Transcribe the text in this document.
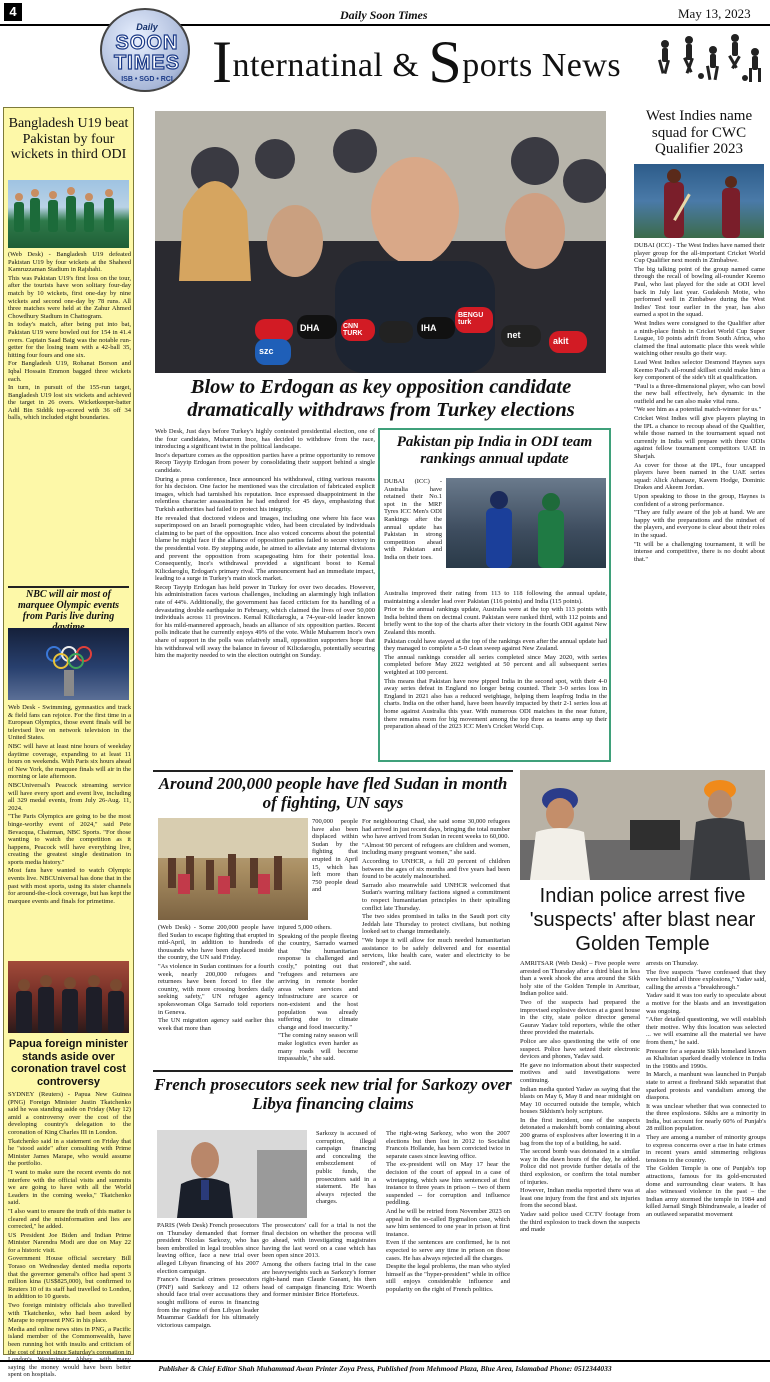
4	Daily Soon Times	May 13, 2023
Daily
SOON
TIMES
ISB • SGD • RCI Internatinal & Sports News
Bangladesh U19 beat Pakistan by four wickets in third ODI

(Web Desk) - Bangladesh U19 defeated Pakistan U19 by four wickets at the Shaheed Kamruzzaman Stadium in Rajshahi.

This was Pakistan U19's first loss on the tour, after the tourists have won solitary four-day match by 10 wickets, first one-day by nine wickets and second one-day by 78 runs. All three matches were held at the Zahur Ahmed Chowdhury Stadium in Chattogram.

In today's match, after being put into bat, Pakistan U19 were bowled out for 154 in 41.4 overs. Captain Saad Baig was the notable run-getter for the losing team with a 42-ball 35, hitting four fours and one six.

For Bangladesh U19, Rohanat Borson and Iqbal Hossain Emmon bagged three wickets each.

In turn, in pursuit of the 155-run target, Bangladesh U19 lost six wickets and achieved the target in 26 overs. Wicketkeeper-batter Adil Bin Siddik top-scored with 36 off 34 balls, which included eight boundaries.

NBC will air most of marquee Olympic events from Paris live during

Web Desk - Swimming, gymnastics and track & field fans can rejoice. For the first time in a European Olympics, those event finals will be televised live on network television in the United States.

NBC will have at least nine hours of weekday daytime coverage, expanding to at least 11 hours on weekends. With Paris six hours ahead of New York, the marquee finals will air in the morning or late afternoon.

NBCUniversal's Peacock streaming service will have every sport and event live, including all 329 medal events, from July 26-Aug. 11, 2024.

"The Paris Olympics are going to be the most binge-worthy event of 2024," said Pete Bevacqua, Chairman, NBC Sports. "For those wanting to watch the competition as it happens, Peacock will have everything live, creating the greatest single destination in sports media history."

Most fans have wanted to watch Olympic events live. NBCUniversal has done that in the past with most sports, using its sister channels for around-the-clock coverage, but has kept the marquee events and finals for primetime.

Papua foreign minister stands aside over coronation travel cost controversy

SYDNEY (Reuters) - Papua New Guinea (PNG) Foreign Minister Justin Tkatchenko said he was standing aside on Friday (May 12) amid a controversy over the cost of the developing country's delegation to the coronation of King Charles III in London.

Tkatchenko said in a statement on Friday that he "stood aside" after consulting with Prime Minister James Marape, who would assume the portfolio.

"I want to make sure the recent events do not interfere with the official visits and summits we are going to have with all the World Leaders in the coming weeks," Tkatchenko said.

"I also want to ensure the truth of this matter is cleared and the misinformation and lies are corrected," he added.

US President Joe Biden and Indian Prime Minister Narendra Modi are due on May 22 for a historic visit.

Government House official secretary Bill Toraso on Wednesday denied media reports that the governor general's office had spent 3 million kina (US$825,000), but confirmed to Reuters 10 of its staff had travelled to London, in addition to 10 guests.

Two foreign ministry officials also travelled with Tkatchenko, who had been asked by Marape to represent PNG in his place.

Media and online news sites in PNG, a Pacific island member of the Commonwealth, have been running hot with insults and criticism of the cost of travel since Saturday's coronation in saying the money would have been better spent on hospitals.

szc
DHA	CNN TURK
IHA
BENGU turk
net
akit
Blow to Erdogan as key opposition candidate dramatically withdraws from Turkey elections

Web Desk, Just days before Turkey's highly contested presidential election, one of the four candidates, Muharrem Ince, has decided to withdraw from the race, introducing a significant twist in the political landscape.

Ince's departure comes as the opposition parties have a prime opportunity to remove Recep Tayyip Erdogan from power by consolidating their support behind a single candidate.

During a press conference, Ince announced his withdrawal, citing various reasons for his decision. One factor he mentioned was the circulation of fabricated explicit images, which had tarnished his reputation. Ince expressed disappointment in the relentless character assassination he had endured for 45 days, emphasizing that Turkish authorities had failed to protect his integrity.

He revealed that doctored videos and images, including one where his face was superimposed on an Israeli pornographic video, had been circulated by individuals claiming to be part of the opposition. Ince also voiced concerns about the potential blame he might face if the alliance of opposition parties failed to secure victory in the presidential vote. By stepping aside, he aimed to alleviate any internal divisions and prevent the opposition from scapegoating him for their potential loss. Consequently, Ince's withdrawal provided a significant boost to Kemal Kilicdaroglu, Erdogan's primary rival. The announcement had an immediate impact, leading to a surge in Turkey's main stock market.

Recep Tayyip Erdogan has held power in Turkey for over two decades. However, his administration faces various challenges, including an alarmingly high inflation rate of 44%. Additionally, the government has faced criticism for its handling of a devastating double earthquake in February, which claimed the lives of over 50,000 individuals across 11 provinces. Kemal Kilicdaroglu, a 74-year-old leader known for his mild-mannered approach, heads an alliance of six opposition parties. Recent polls indicate that he currently enjoys 49% of the vote. While Muharrem Ince's own share of support in the polls was relatively small, opposition supporters hope that his withdrawal will sway the balance in favour of Kilicdaroglu, potentially securing him the majority needed to win the election outright on Sunday.

Pakistan pip India in ODI team rankings annual update
DUBAI (ICC) - Australia have retained their No.1 spot in the MRF Tyres ICC Men's ODI Rankings after the annual update has Pakistan in strong competition ahead with Pakistan and India on their toes.

Australia improved their rating from 113 to 118 following the annual update, maintaining a slender lead over Pakistan (116 points) and India (115 points).

Prior to the annual rankings update, Australia were at the top with 113 points with India behind them on decimal count. Pakistan were ranked third, with 112 points and briefly went to the top of the charts after their victory in the fourth ODI against New Zealand this month.

Pakistan could have stayed at the top of the rankings even after the annual update had they managed to complete a 5-0 clean sweep against New Zealand.

The annual rankings consider all series completed since May 2020, with series completed before May 2022 weighted at 50 percent and all subsequent series weighted at 100 percent.

This means that Pakistan have now pipped India in the second spot, with their 4-0 away series defeat in England no longer being counted. Their 3-0 series loss in England in 2021 also has a reduced weightage, helping them leapfrog India in the charts. India on the other hand, have been heavily impacted by their 2-1 series loss at home against Australia this year. With numerous ODI matches in the near future, there remains room for big movement among the top three as teams amp up their preparation ahead of the 2023 ICC Men's Cricket World Cup.

Around 200,000 people have fled Sudan in month of fighting, UN says
700,000 people have also been displaced within Sudan by the fighting that erupted in April 15, which has left more than 750 people dead and

(Web Desk) - Some 200,000 people have fled Sudan to escape fighting that erupted in mid-April, in addition to hundreds of thousands who have been displaced inside the country, the UN said Friday.

"As violence in Sudan continues for a fourth week, nearly 200,000 refugees and returnees have been forced to flee the country, with more crossing borders daily seeking safety," UN refugee agency spokeswoman Olga Sarrado told reporters in Geneva.

The UN migration agency said earlier this week that more than

injured 5,000 others.

Speaking of the people fleeing the country, Sarrado warned that "the humanitarian response is challenged and costly," pointing out that "refugees and returnees are arriving in remote border areas where services and infrastructure are scarce or non-existent and the host population was already suffering due to climate change and food insecurity."

"The coming rainy season will make logistics even harder as many roads will become impassable," she said.

For neighbouring Chad, she said some 30,000 refugees had arrived in just recent days, bringing the total number who have arrived from Sudan in recent weeks to 60,000.

"Almost 90 percent of refugees are children and women, including many pregnant women," she said.

According to UNHCR, a full 20 percent of children between the ages of six months and five years had been found to be acutely malnourished.

Sarrado also meanwhile said UNHCR welcomed that Sudan's warring military factions signed a commitment to respect humanitarian principles in their spiralling conflict late Thursday.

The two sides promised in talks in the Saudi port city Jeddah late Thursday to protect civilians, but nothing looked set to change immediately.

"We hope it will allow for much needed humanitarian assistance to be safely delivered and for essential services, like health care, water and electricity to be restored", she said.

French prosecutors seek new trial for Sarkozy over Libya financing claims
Sarkozy is accused of corruption, illegal campaign financing and concealing the embezzlement of public funds, the prosecutors said in a statement. He has always rejected the charges.

PARIS (Web Desk) French prosecutors on Thursday demanded that former president Nicolas Sarkozy, who has been embroiled in legal troubles since leaving office, face a new trial over alleged Libyan financing of his 2007 election campaign.

France's financial crimes prosecutors (PNF) said Sarkozy and 12 others should face trial over accusations they sought millions of euros in financing from the regime of then Libyan leader Muammar Gaddafi for his ultimately victorious campaign.

The prosecutors' call for a trial is not the final decision on whether the process will go ahead, with investigating magistrates having the last word on a case which has been open since 2013.

Among the others facing trial in the case are heavyweights such as Sarkozy's former right-hand man Claude Gueant, his then head of campaign financing Eric Woerth and former minister Brice Hortefeux.

The right-wing Sarkozy, who won the 2007 elections but then lost in 2012 to Socialist Francois Hollande, has been convicted twice in separate cases since leaving office.

The ex-president will on May 17 hear the decision of the court of appeal in a case of wiretapping, which saw him sentenced at first instance to three years in prison -- two of them suspended -- for corruption and influence peddling.

And he will be retried from November 2023 on appeal in the so-called Bygmalion case, which saw him sentenced to one year in prison at first instance.

Even if the sentences are confirmed, he is not expected to serve any time in prison on those cases. He has always rejected all the charges.

Despite the legal problems, the man who styled himself as the "hyper-president" while in office still enjoys considerable influence and popularity on the right of French politics.

West Indies name squad for CWC Qualifier 2023

DUBAI (ICC) - The West Indies have named their player group for the all-important Cricket World Cup Qualifier next month in Zimbabwe.

The big talking point of the group named came through the recall of bowling all-rounder Keemo Paul, who last played for the side at ODI level back in July last year. Gudakesh Motie, who performed well in Zimbabwe during the West Indies' Test tour earlier in the year, has also earned a spot in the squad.

West Indies were consigned to the Qualifier after a ninth-place finish in Cricket World Cup Super League, 10 points adrift from South Africa, who claimed the final automatic place this week while watching other results go their way.

Lead West Indies selector Desmond Haynes says Keemo Paul's all-round skillset could make him a key component of the side's tilt at qualification.

"Paul is a three-dimensional player, who can bowl the new ball effectively, he's dynamic in the outfield and he can also make vital runs.

"We see him as a potential match-winner for us."

Cricket West Indies will give players playing in the IPL a chance to recoup ahead of the Qualifier, while those named in the tournament squad not currently in India will prepare with three ODIs against fellow tournament competitors UAE in Sharjah.

As cover for those at the IPL, four uncapped players have been named in the UAE series squad: Alick Athanaze, Kavem Hodge, Dominic Drakes and Akeem Jordan.

Upon speaking to those in the group, Haynes is confident of a strong performance.

"They are fully aware of the job at hand. We are happy with the preparations and the mindset of the players, and everyone is clear about their roles in the squad.

"It will be a challenging tournament, it will be intense and competitive, there is no doubt about that."

Indian police arrest five 'suspects' after blast near Golden Temple

AMRITSAR (Web Desk) – Five people were arrested on Thursday after a third blast in less than a week shook the area around the Sikh holy site of the Golden Temple in Amritsar, Indian police said.

Two of the suspects had prepared the improvised explosive devices at a guest house in the city, state police director general Gaurav Yadav told reporters, while the other three provided the materials.

Police are also questioning the wife of one suspect. Police have seized their electronic devices and phones, Yadav said.

He gave no information about their suspected motives and said investigations were continuing.

Indian media quoted Yadav as saying that the blasts on May 6, May 8 and near midnight on May 10 occurred outside the temple, which houses Sikhism's holy scripture.

In the first incident, one of the suspects detonated a makeshift bomb containing about 200 grams of explosives after lowering it in a bag from the top of a building, he said.

The second bomb was detonated in a similar way in the dawn hours of the day, he added. Police did not provide further details of the third explosion, or confirm the total number of injuries.

However, Indian media reported there was at least one injury from the first and six injuries from the second blast.

Yadav said police used CCTV footage from the third explosion to track down the suspects and made

arrests on Thursday.

The five suspects "have confessed that they were behind all three explosions," Yadav said, calling the arrests a "breakthrough."

Yadav said it was too early to speculate about a motive for the blasts and an investigation was ongoing.

"After detailed questioning, we will establish their motive. Why this location was selected ... we will examine all the material we have from them," he said.

Pressure for a separate Sikh homeland known as Khalistan sparked deadly violence in India in the 1980s and 1990s.

In March, a manhunt was launched in Punjab state to arrest a firebrand Sikh separatist that sparked protests and vandalism among the diaspora.

It was unclear whether that was connected to the three explosions. Sikhs are a minority in India, but account for nearly 60% of Punjab's 28 million population.

They are among a number of minority groups to express concerns over a rise in hate crimes in recent years amid simmering religious tensions in the country.

The Golden Temple is one of Punjab's top attractions, famous for its gold-encrusted dome and surrounding clear waters. It has also witnessed violence in the past – the Indian army stormed the temple in 1984 and killed Jarnail Singh Bhindranwale, a leader of an outlawed separatist movement

Publisher & Chief Editor Shah Muhammad Awan Printer Zoya Press, Published from Mehmood Plaza, Blue Area, Islamabad Phone: 0512344033
